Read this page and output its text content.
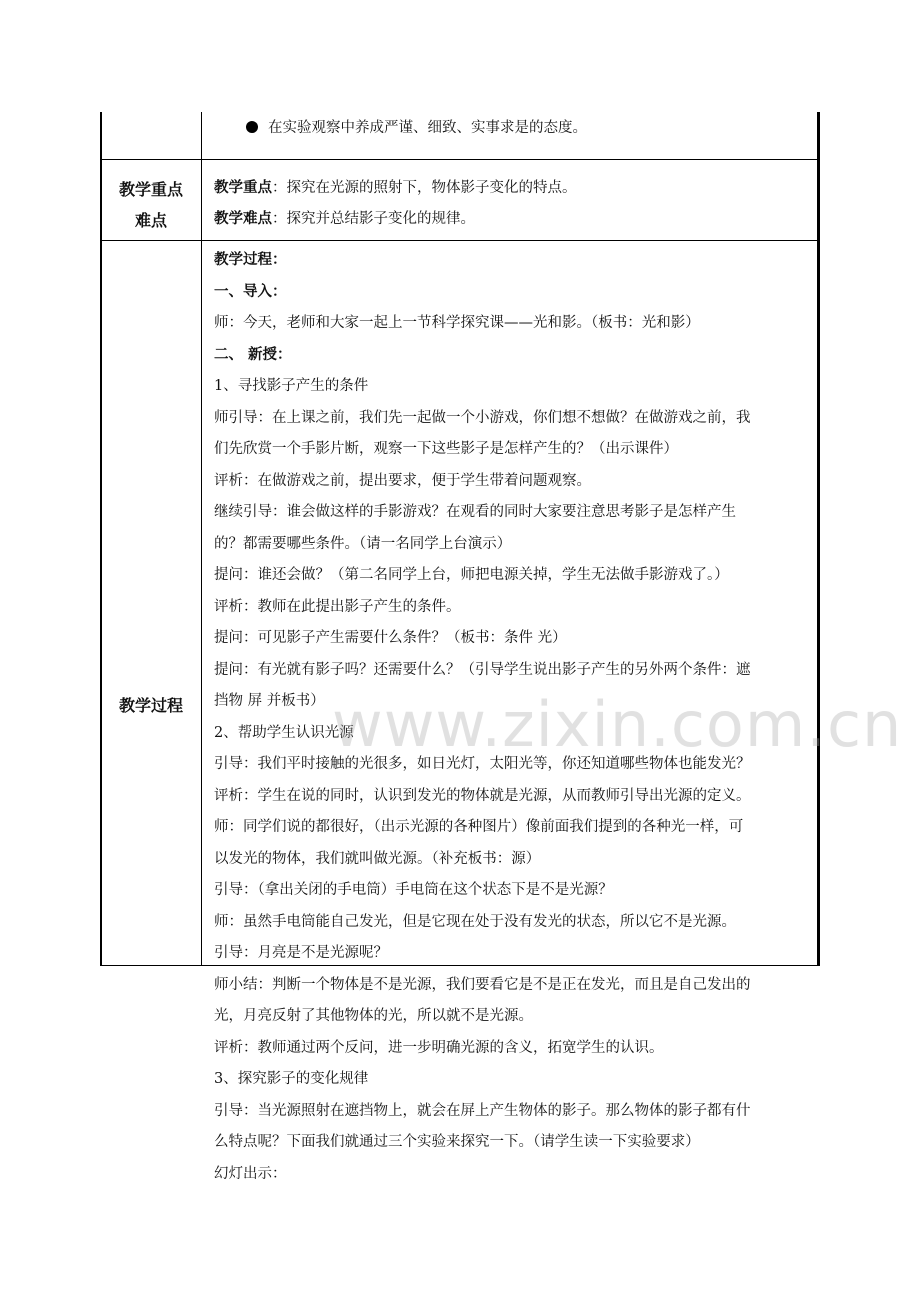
在实验观察中养成严谨、细致、实事求是的态度。
教学重点
难点
教学重点：探究在光源的照射下，物体影子变化的特点。
教学难点：探究并总结影子变化的规律。
教学过程
教学过程：
一、导入：
师：今天，老师和大家一起上一节科学探究课——光和影。（板书：光和影）
二、 新授：
1、寻找影子产生的条件
师引导：在上课之前，我们先一起做一个小游戏，你们想不想做？在做游戏之前，我
们先欣赏一个手影片断，观察一下这些影子是怎样产生的？（出示课件）
评析：在做游戏之前，提出要求，便于学生带着问题观察。
继续引导：谁会做这样的手影游戏？在观看的同时大家要注意思考影子是怎样产生
的？都需要哪些条件。（请一名同学上台演示）
提问：谁还会做？（第二名同学上台，师把电源关掉，学生无法做手影游戏了。）
评析：教师在此提出影子产生的条件。
提问：可见影子产生需要什么条件？（板书：条件 光）
提问：有光就有影子吗？还需要什么？（引导学生说出影子产生的另外两个条件：遮
挡物 屏 并板书）
2、帮助学生认识光源
引导：我们平时接触的光很多，如日光灯，太阳光等，你还知道哪些物体也能发光？
评析：学生在说的同时，认识到发光的物体就是光源，从而教师引导出光源的定义。
师：同学们说的都很好，（出示光源的各种图片）像前面我们提到的各种光一样，可
以发光的物体，我们就叫做光源。（补充板书：源）
引导：（拿出关闭的手电筒）手电筒在这个状态下是不是光源？
师：虽然手电筒能自己发光，但是它现在处于没有发光的状态，所以它不是光源。
引导：月亮是不是光源呢？
师小结：判断一个物体是不是光源，我们要看它是不是正在发光，而且是自己发出的
光，月亮反射了其他物体的光，所以就不是光源。
评析：教师通过两个反问，进一步明确光源的含义，拓宽学生的认识。
3、探究影子的变化规律
引导：当光源照射在遮挡物上，就会在屏上产生物体的影子。那么物体的影子都有什
么特点呢？下面我们就通过三个实验来探究一下。（请学生读一下实验要求）
幻灯出示：
www.zixin.com.cn
